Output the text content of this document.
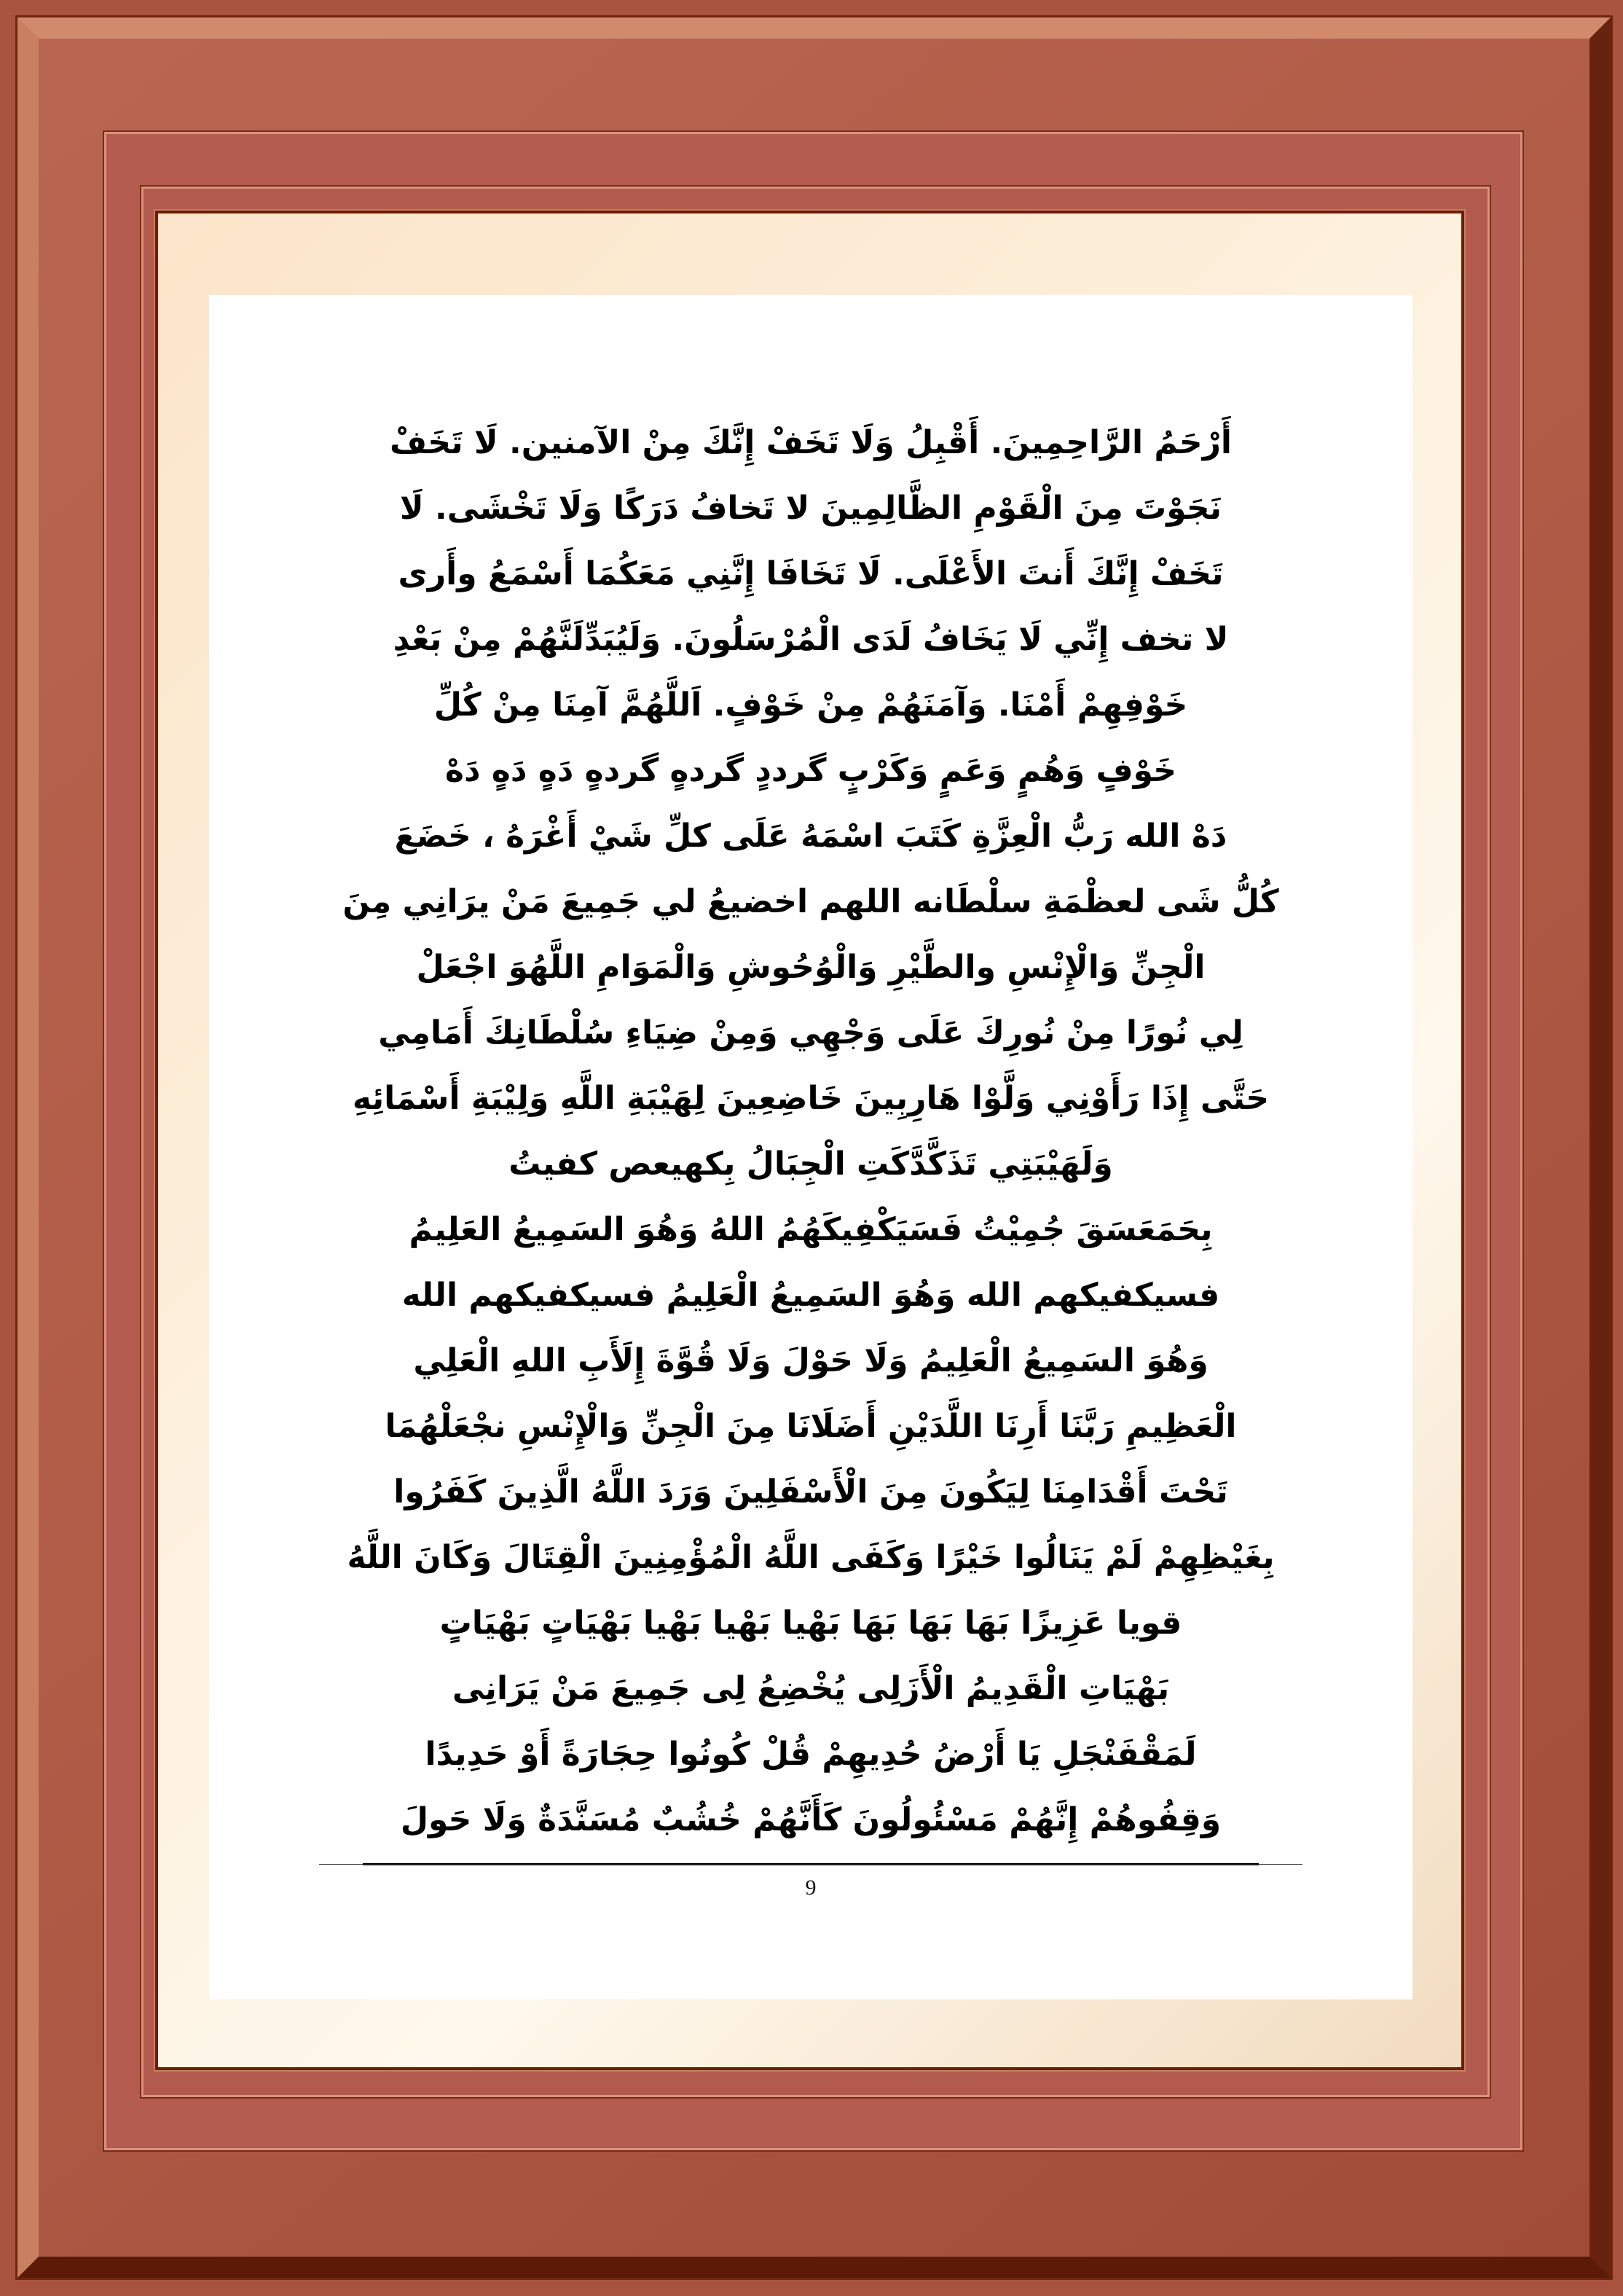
أَرْحَمُ الرَّاحِمِينَ. أَقْبِلُ وَلَا تَخَفْ إِنَّكَ مِنْ الآمنين. لَا تَخَفْ

نَجَوْتَ مِنَ الْقَوْمِ الظَّالِمِينَ لا تَخافُ دَرَكًا وَلَا تَخْشَى. لَا

تَخَفْ إِنَّكَ أَنتَ الأَعْلَى. لَا تَخَافَا إِنَّنِي مَعَكُمَا أَسْمَعُ وأَرى

لا تخف إِنِّي لَا يَخَافُ لَدَى الْمُرْسَلُونَ. وَلَيُبَدِّلَنَّهُمْ مِنْ بَعْدِ

خَوْفِهِمْ أَمْنَا. وَآمَنَهُمْ مِنْ خَوْفٍ. اَللَّهُمَّ آمِنَا مِنْ كُلِّ

خَوْفٍ وَهُمٍ وَعَمٍ وَكَرْبٍ گرددٍ گردهٍ گردهٍ دَهٍ دَهٍ دَهْ

دَهْ الله رَبُّ الْعِزَّةِ كَتَبَ اسْمَهُ عَلَى كلِّ شَيْ أَغْرَهُ ، خَضَعَ

كُلُّ شَى لعظْمَةِ سلْطَانه اللهم اخضيعُ لي جَمِيعَ مَنْ يرَانِي مِنَ

الْجِنِّ وَالْإِنْسِ والطَّيْرِ وَالْوُحُوشِ وَالْمَوَامِ اللَّهُوَ اجْعَلْ

لِي نُورًا مِنْ نُورِكَ عَلَى وَجْهِي وَمِنْ ضِيَاءِ سُلْطَانِكَ أَمَامِي

حَتَّى إِذَا رَأَوْنِي وَلَّوْا هَارِبِينَ خَاضِعِينَ لِهَيْبَةِ اللَّهِ وَلِيْبَةِ أَسْمَائِهِ

وَلَهَيْبَتِي تَذَكَّدَّكَتِ الْجِبَالُ بِكهيعص كفيتُ

بِحَمَعَسَقَ جُمِيْتُ فَسَيَكْفِيكَهُمُ اللهُ وَهُوَ السَمِيعُ العَلِيمُ

فسيكفيكهم الله وَهُوَ السَمِيعُ الْعَلِيمُ فسيكفيكهم الله

وَهُوَ السَمِيعُ الْعَلِيمُ وَلَا حَوْلَ وَلَا قُوَّةَ إِلَأَبِ اللهِ الْعَلِي

الْعَظِيمِ رَبَّنَا أَرِنَا اللَّدَيْنِ أَضَلَانَا مِنَ الْجِنِّ وَالْإِنْسِ نجْعَلْهُمَا

تَحْتَ أَقْدَامِنَا لِيَكُونَ مِنَ الْأَسْفَلِينَ وَرَدَ اللَّهُ الَّذِينَ كَفَرُوا

بِغَيْظِهِمْ لَمْ يَنَالُوا خَيْرًا وَكَفَى اللَّهُ الْمُؤْمِنِينَ الْقِتَالَ وَكَانَ اللَّهُ

قويا عَزِيزًا بَهَا بَهَا بَهَا بَهْيا بَهْيا بَهْيا بَهْيَاتٍ بَهْيَاتٍ

بَهْيَاتِ الْقَدِيمُ الْأَزَلِى يُخْضِعُ لِى جَمِيعَ مَنْ يَرَانِى

لَمَقْفَنْجَلِ يَا أَرْضُ حُدِيهِمْ قُلْ كُونُوا حِجَارَةً أَوْ حَدِيدًا

وَقِفُوهُمْ إِنَّهُمْ مَسْئُولُونَ كَأَنَّهُمْ خُشُبٌ مُسَنَّدَةٌ وَلَا حَولَ

9
